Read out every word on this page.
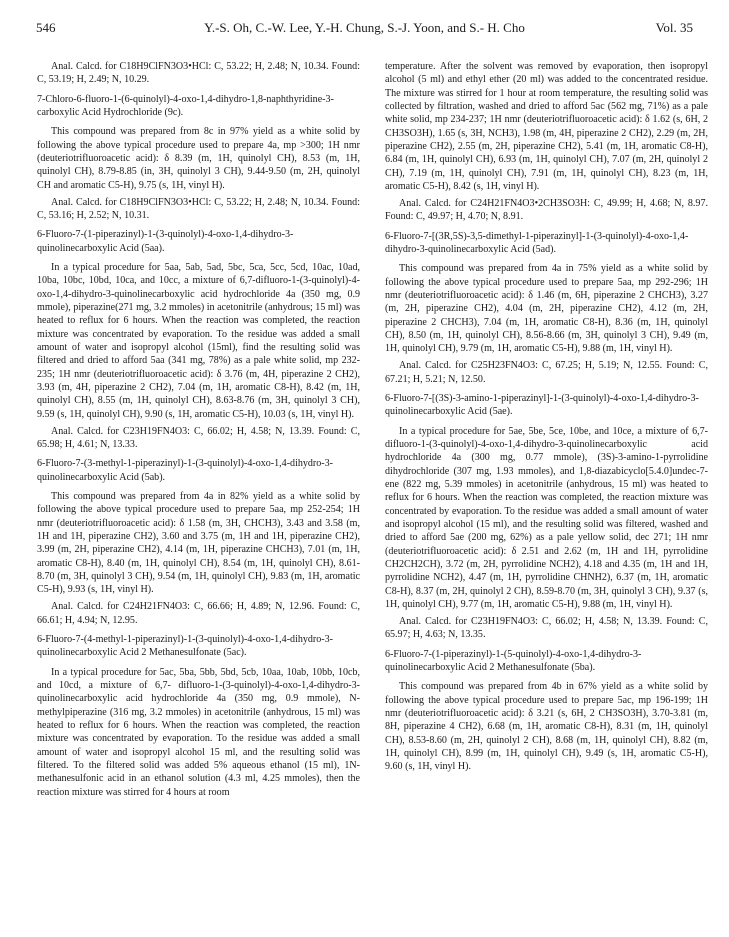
546	Y.-S. Oh, C.-W. Lee, Y.-H. Chung, S.-J. Yoon, and S.- H. Cho	Vol. 35

Anal. Calcd. for C18H9ClFN3O3•HCl: C, 53.22; H, 2.48; N, 10.34. Found: C, 53.19; H, 2.49; N, 10.29.

7-Chloro-6-fluoro-1-(6-quinolyl)-4-oxo-1,4-dihydro-1,8-naphthyridine-3-carboxylic Acid Hydrochloride (9c).

This compound was prepared from 8c in 97% yield as a white solid by following the above typical procedure used to prepare 4a, mp >300; 1H nmr (deuteriotrifluoroacetic acid): δ 8.39 (m, 1H, quinolyl CH), 8.53 (m, 1H, quinolyl CH), 8.79-8.85 (in, 3H, quinolyl 3 CH), 9.44-9.50 (m, 2H, quinolyl CH and aromatic C5-H), 9.75 (s, 1H, vinyl H).

Anal. Calcd. for C18H9ClFN3O3•HCl: C, 53.22; H, 2.48; N, 10.34. Found: C, 53.16; H, 2.52; N, 10.31.

6-Fluoro-7-(1-piperazinyl)-1-(3-quinolyl)-4-oxo-1,4-dihydro-3-quinolinecarboxylic Acid (5aa).

In a typical procedure for 5aa, 5ab, 5ad, 5bc, 5ca, 5cc, 5cd, 10ac, 10ad, 10ba, 10bc, 10bd, 10ca, and 10cc, a mixture of 6,7-difluoro-1-(3-quinolyl)-4-oxo-1,4-dihydro-3-quinolinecarboxylic acid hydrochloride 4a (350 mg, 0.9 mmole), piperazine(271 mg, 3.2 mmoles) in acetonitrile (anhydrous; 15 ml) was heated to reflux for 6 hours. When the reaction was completed, the reaction mixture was concentrated by evaporation. To the residue was added a small amount of water and isopropyl alcohol (15ml), find the resulting solid was filtered and dried to afford 5aa (341 mg, 78%) as a pale white solid, mp 232-235; 1H nmr (deuteriotrifluoroacetic acid): δ 3.76 (m, 4H, piperazine 2 CH2), 3.93 (m, 4H, piperazine 2 CH2), 7.04 (m, 1H, aromatic C8-H), 8.42 (m, 1H, quinolyl CH), 8.55 (m, 1H, quinolyl CH), 8.63-8.76 (m, 3H, quinolyl 3 CH), 9.59 (s, 1H, quinolyl CH), 9.90 (s, 1H, aromatic C5-H), 10.03 (s, 1H, vinyl H).

Anal. Calcd. for C23H19FN4O3: C, 66.02; H, 4.58; N, 13.39. Found: C, 65.98; H, 4.61; N, 13.33.

6-Fluoro-7-(3-methyl-1-piperazinyl)-1-(3-quinolyl)-4-oxo-1,4-dihydro-3-quinolinecarboxylic Acid (5ab).

This compound was prepared from 4a in 82% yield as a white solid by following the above typical procedure used to prepare 5aa, mp 252-254; 1H nmr (deuteriotrifluoroacetic acid): δ 1.58 (m, 3H, CHCH3), 3.43 and 3.58 (m, 1H and 1H, piperazine CH2), 3.60 and 3.75 (m, 1H and 1H, piperazine CH2), 3.99 (m, 2H, piperazine CH2), 4.14 (m, 1H, piperazine CHCH3), 7.01 (m, 1H, aromatic C8-H), 8.40 (m, 1H, quinolyl CH), 8.54 (m, 1H, quinolyl CH), 8.61- 8.70 (m, 3H, quinolyl 3 CH), 9.54 (m, 1H, quinolyl CH), 9.83 (m, 1H, aromatic C5-H), 9.93 (s, 1H, vinyl H).

Anal. Calcd. for C24H21FN4O3: C, 66.66; H, 4.89; N, 12.96. Found: C, 66.61; H, 4.94; N, 12.95.

6-Fluoro-7-(4-methyl-1-piperazinyl)-1-(3-quinolyl)-4-oxo-1,4-dihydro-3-quinolinecarboxylic Acid 2 Methanesulfonate (5ac).

In a typical procedure for 5ac, 5ba, 5bb, 5bd, 5cb, 10aa, 10ab, 10bb, 10cb, and 10cd, a mixture of 6,7- difluoro-1-(3-quinolyl)-4-oxo-1,4-dihydro-3-quinolinecarboxylic acid hydrochloride 4a (350 mg, 0.9 mmole), N-methylpiperazine (316 mg, 3.2 mmoles) in acetonitrile (anhydrous, 15 ml) was heated to reflux for 6 hours. When the reaction was completed, the reaction mixture was concentrated by evaporation. To the residue was added a small amount of water and isopropyl alcohol 15 ml, and the resulting solid was filtered. To the filtered solid was added 5% aqueous ethanol (15 ml), 1N- methanesulfonic acid in an ethanol solution (4.3 ml, 4.25 mmoles), then the reaction mixture was stirred for 4 hours at room

temperature. After the solvent was removed by evaporation, then isopropyl alcohol (5 ml) and ethyl ether (20 ml) was added to the concentrated residue. The mixture was stirred for 1 hour at room temperature, the resulting solid was collected by filtration, washed and dried to afford 5ac (562 mg, 71%) as a pale white solid, mp 234-237; 1H nmr (deuteriotrifluoroacetic acid): δ 1.62 (s, 6H, 2 CH3SO3H), 1.65 (s, 3H, NCH3), 1.98 (m, 4H, piperazine 2 CH2), 2.29 (m, 2H, piperazine CH2), 2.55 (m, 2H, piperazine CH2), 5.41 (m, 1H, aromatic C8-H), 6.84 (m, 1H, quinolyl CH), 6.93 (m, 1H, quinolyl CH), 7.07 (m, 2H, quinolyl 2 CH), 7.19 (m, 1H, quinolyl CH), 7.91 (m, 1H, quinolyl CH), 8.23 (m, 1H, aromatic C5-H), 8.42 (s, 1H, vinyl H).

Anal. Calcd. for C24H21FN4O3•2CH3SO3H: C, 49.99; H, 4.68; N, 8.97. Found: C, 49.97; H, 4.70; N, 8.91.

6-Fluoro-7-[(3R,5S)-3,5-dimethyl-1-piperazinyl]-1-(3-quinolyl)-4-oxo-1,4-dihydro-3-quinolinecarboxylic Acid (5ad).

This compound was prepared from 4a in 75% yield as a white solid by following the above typical procedure used to prepare 5aa, mp 292-296; 1H nmr (deuteriotrifluoroacetic acid): δ 1.46 (m, 6H, piperazine 2 CHCH3), 3.27 (m, 2H, piperazine CH2), 4.04 (m, 2H, piperazine CH2), 4.12 (m, 2H, piperazine 2 CHCH3), 7.04 (m, 1H, aromatic C8-H), 8.36 (m, 1H, quinolyl CH), 8.50 (m, 1H, quinolyl CH), 8.56-8.66 (m, 3H, quinolyl 3 CH), 9.49 (m, 1H, quinolyl CH), 9.79 (m, 1H, aromatic C5-H), 9.88 (m, 1H, vinyl H).

Anal. Calcd. for C25H23FN4O3: C, 67.25; H, 5.19; N, 12.55. Found: C, 67.21; H, 5.21; N, 12.50.

6-Fluoro-7-[(3S)-3-amino-1-piperazinyl]-1-(3-quinolyl)-4-oxo-1,4-dihydro-3-quinolinecarboxylic Acid (5ae).

In a typical procedure for 5ae, 5be, 5ce, 10be, and 10ce, a mixture of 6,7-difluoro-1-(3-quinolyl)-4-oxo-1,4-dihydro-3-quinolinecarboxylic acid hydrochloride 4a (300 mg, 0.77 mmole), (3S)-3-amino-1-pyrrolidine dihydrochloride (307 mg, 1.93 mmoles), and 1,8-diazabicyclo[5.4.0]undec-7-ene (822 mg, 5.39 mmoles) in acetonitrile (anhydrous, 15 ml) was heated to reflux for 6 hours. When the reaction was completed, the reaction mixture was concentrated by evaporation. To the residue was added a small amount of water and isopropyl alcohol (15 ml), and the resulting solid was filtered, washed and dried to afford 5ae (200 mg, 62%) as a pale yellow solid, dec 271; 1H nmr (deuteriotrifluoroacetic acid): δ 2.51 and 2.62 (m, 1H and 1H, pyrrolidine CH2CH2CH), 3.72 (m, 2H, pyrrolidine NCH2), 4.18 and 4.35 (m, 1H and 1H, pyrrolidine NCH2), 4.47 (m, 1H, pyrrolidine CHNH2), 6.37 (m, 1H, aromatic C8-H), 8.37 (m, 2H, quinolyl 2 CH), 8.59-8.70 (m, 3H, quinolyl 3 CH), 9.37 (s, 1H, quinolyl CH), 9.77 (m, 1H, aromatic C5-H), 9.88 (m, 1H, vinyl H).

Anal. Calcd. for C23H19FN4O3: C, 66.02; H, 4.58; N, 13.39. Found: C, 65.97; H, 4.63; N, 13.35.

6-Fluoro-7-(1-piperazinyl)-1-(5-quinolyl)-4-oxo-1,4-dihydro-3-quinolinecarboxylic Acid 2 Methanesulfonate (5ba).

This compound was prepared from 4b in 67% yield as a white solid by following the above typical procedure used to prepare 5ac, mp 196-199; 1H nmr (deuteriotrifluoroacetic acid): δ 3.21 (s, 6H, 2 CH3SO3H), 3.70-3.81 (m, 8H, piperazine 4 CH2), 6.68 (m, 1H, aromatic C8-H), 8.31 (m, 1H, quinolyl CH), 8.53-8.60 (m, 2H, quinolyl 2 CH), 8.68 (m, 1H, quinolyl CH), 8.82 (m, 1H, quinolyl CH), 8.99 (m, 1H, quinolyl CH), 9.49 (s, 1H, aromatic C5-H), 9.60 (s, 1H, vinyl H).
